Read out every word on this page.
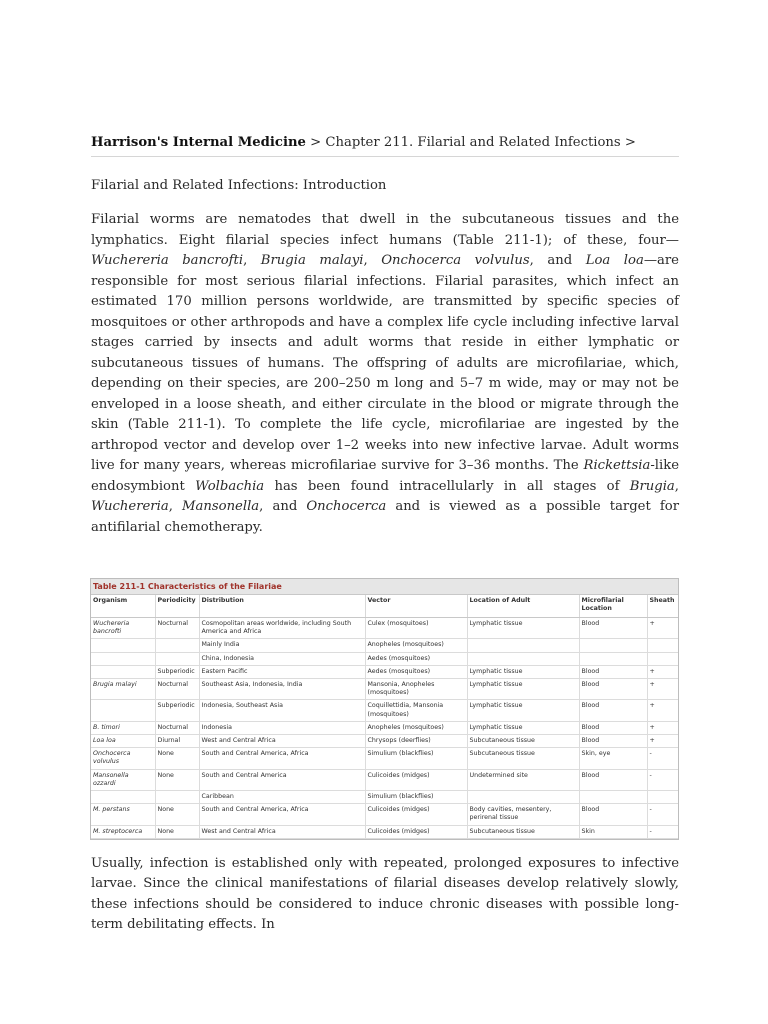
Harrison's Internal Medicine > Chapter 211. Filarial and Related Infections >
Filarial and Related Infections: Introduction

Filarial worms are nematodes that dwell in the subcutaneous tissues and the lymphatics. Eight filarial species infect humans (Table 211-1); of these, four—Wuchereria bancrofti, Brugia malayi, Onchocerca volvulus, and Loa loa—are responsible for most serious filarial infections. Filarial parasites, which infect an estimated 170 million persons worldwide, are transmitted by specific species of mosquitoes or other arthropods and have a complex life cycle including infective larval stages carried by insects and adult worms that reside in either lymphatic or subcutaneous tissues of humans. The offspring of adults are microfilariae, which, depending on their species, are 200–250 m long and 5–7 m wide, may or may not be enveloped in a loose sheath, and either circulate in the blood or migrate through the skin (Table 211-1). To complete the life cycle, microfilariae are ingested by the arthropod vector and develop over 1–2 weeks into new infective larvae. Adult worms live for many years, whereas microfilariae survive for 3–36 months. The Rickettsia-like endosymbiont Wolbachia has been found intracellularly in all stages of Brugia, Wuchereria, Mansonella, and Onchocerca and is viewed as a possible target for antifilarial chemotherapy.

Table 211-1 Characteristics of the Filariae
Organism	Periodicity	Distribution	Vector	Location of Adult	Microfilarial Location	Sheath
Wuchereria bancrofti	Nocturnal	Cosmopolitan areas worldwide, including South America and Africa	Culex (mosquitoes)	Lymphatic tissue	Blood	+
		Mainly India	Anopheles (mosquitoes)			
		China, Indonesia	Aedes (mosquitoes)			
	Subperiodic	Eastern Pacific	Aedes (mosquitoes)	Lymphatic tissue	Blood	+
Brugia malayi	Nocturnal	Southeast Asia, Indonesia, India	Mansonia, Anopheles (mosquitoes)	Lymphatic tissue	Blood	+
	Subperiodic	Indonesia, Southeast Asia	Coquillettidia, Mansonia (mosquitoes)	Lymphatic tissue	Blood	+
B. timori	Nocturnal	Indonesia	Anopheles (mosquitoes)	Lymphatic tissue	Blood	+
Loa loa	Diurnal	West and Central Africa	Chrysops (deerflies)	Subcutaneous tissue	Blood	+
Onchocerca volvulus	None	South and Central America, Africa	Simulium (blackflies)	Subcutaneous tissue	Skin, eye	-
Mansonella ozzardi	None	South and Central America	Culicoides (midges)	Undetermined site	Blood	-
		Caribbean	Simulium (blackflies)			
M. perstans	None	South and Central America, Africa	Culicoides (midges)	Body cavities, mesentery, perirenal tissue	Blood	-
M. streptocerca	None	West and Central Africa	Culicoides (midges)	Subcutaneous tissue	Skin	-

Usually, infection is established only with repeated, prolonged exposures to infective larvae. Since the clinical manifestations of filarial diseases develop relatively slowly, these infections should be considered to induce chronic diseases with possible long-term debilitating effects. In
